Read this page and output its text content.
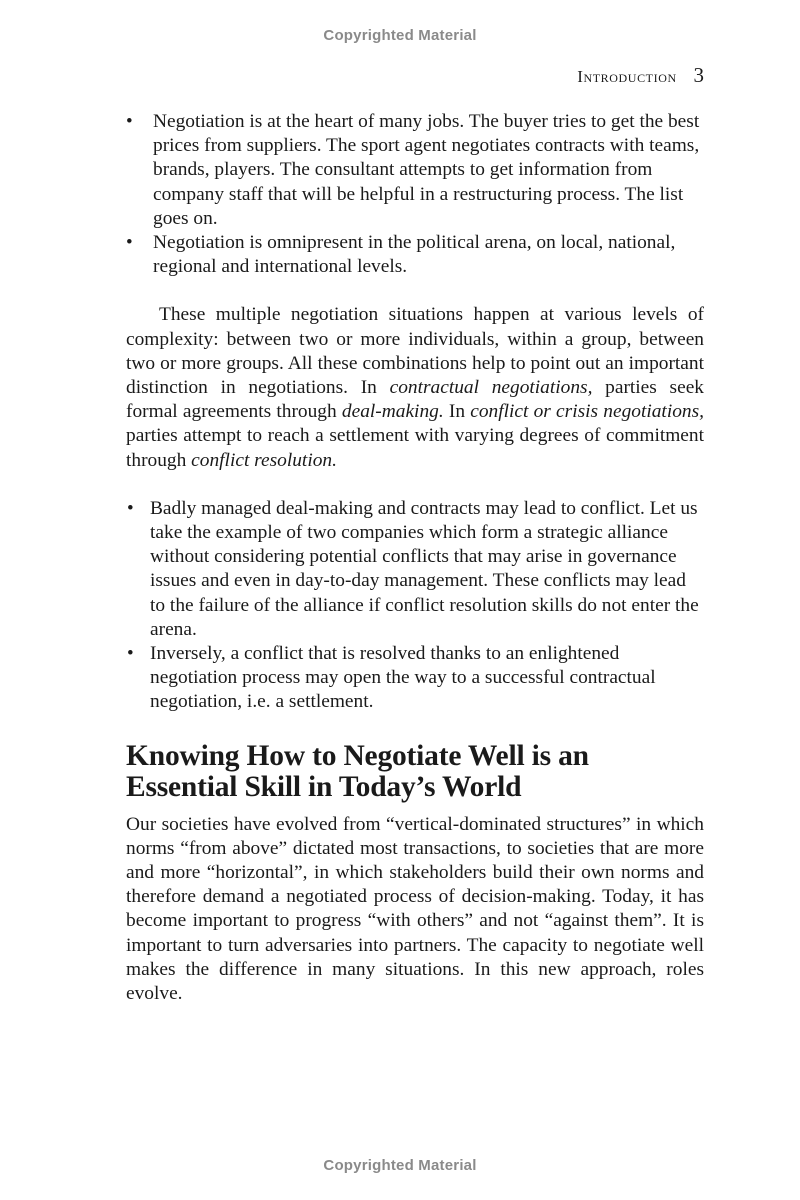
Copyrighted Material
Introduction 3
• Negotiation is at the heart of many jobs. The buyer tries to get the best prices from suppliers. The sport agent negotiates contracts with teams, brands, players. The consultant attempts to get information from company staff that will be helpful in a restructuring process. The list goes on.
• Negotiation is omnipresent in the political arena, on local, national, regional and international levels.

These multiple negotiation situations happen at various levels of complexity: between two or more individuals, within a group, between two or more groups. All these combinations help to point out an important distinction in negotiations. In contractual negotiations, parties seek formal agreements through deal-making. In conflict or crisis negotiations, parties attempt to reach a settlement with varying degrees of commitment through conflict resolution.

• Badly managed deal-making and contracts may lead to conflict. Let us take the example of two companies which form a strategic alliance without considering potential conflicts that may arise in governance issues and even in day-to-day management. These conflicts may lead to the failure of the alliance if conflict resolution skills do not enter the arena.
• Inversely, a conflict that is resolved thanks to an enlightened negotiation process may open the way to a successful contractual negotiation, i.e. a settlement.
Knowing How to Negotiate Well is an Essential Skill in Today’s World

Our societies have evolved from “vertical-dominated structures” in which norms “from above” dictated most transactions, to societies that are more and more “horizontal”, in which stakeholders build their own norms and therefore demand a negotiated process of decision-making. Today, it has become important to progress “with others” and not “against them”. It is important to turn adversaries into partners. The capacity to negotiate well makes the difference in many situations. In this new approach, roles evolve.

Copyrighted Material
